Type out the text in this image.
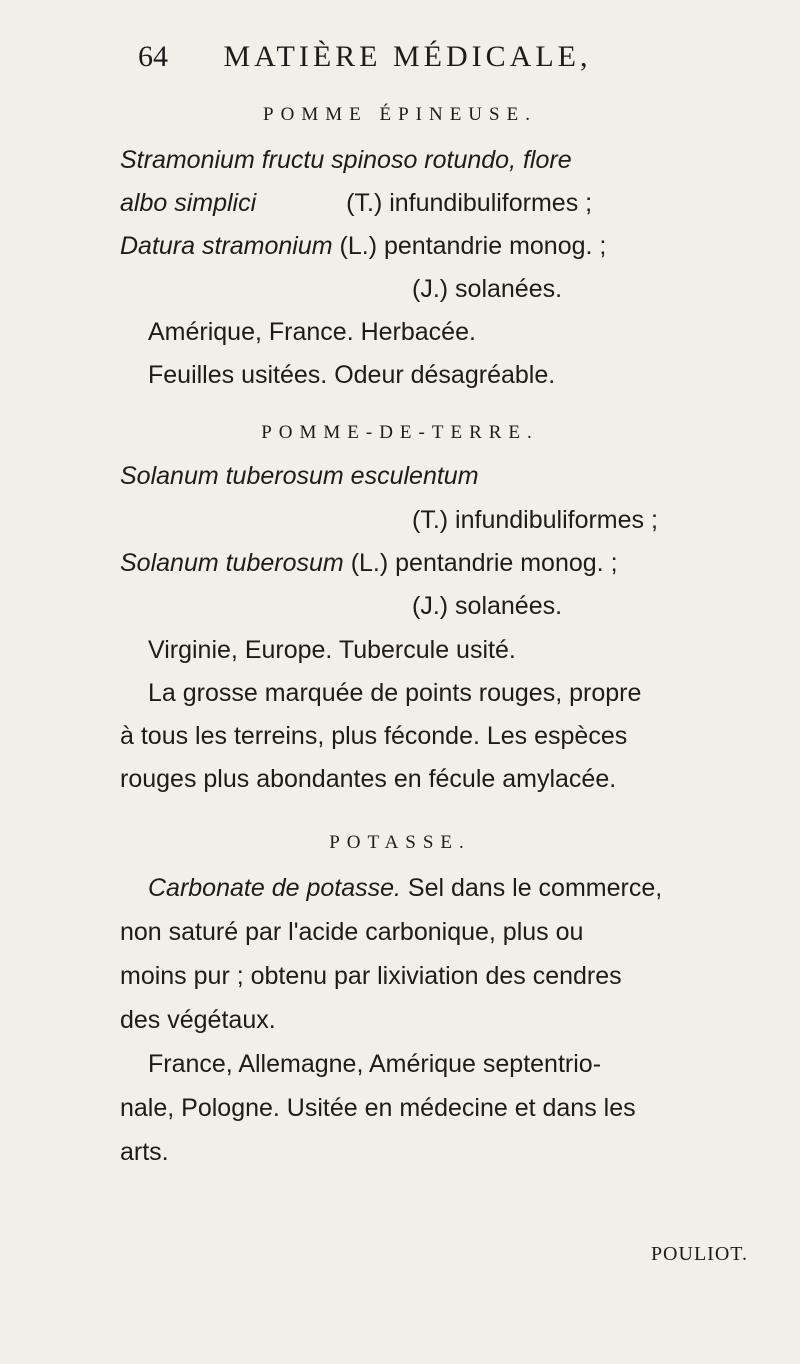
64 MATIÈRE MÉDICALE,
POMME ÉPINEUSE.
Stramonium fructu spinoso rotundo, flore
albo simplici	(T.) infundibuliformes ;
Datura stramonium (L.) pentandrie monog. ;
(J.) solanées.
Amérique, France. Herbacée.
Feuilles usitées. Odeur désagréable.
POMME-DE-TERRE.
Solanum tuberosum esculentum
(T.) infundibuliformes ;
Solanum tuberosum (L.) pentandrie monog. ;
(J.) solanées.
Virginie, Europe. Tubercule usité.
La grosse marquée de points rouges, propre
à tous les terreins, plus féconde. Les espèces
rouges plus abondantes en fécule amylacée.
POTASSE.
Carbonate de potasse. Sel dans le commerce,
non saturé par l'acide carbonique, plus ou
moins pur ; obtenu par lixiviation des cendres
des végétaux.
France, Allemagne, Amérique septentrio-
nale, Pologne. Usitée en médecine et dans les
arts.
POULIOT.
